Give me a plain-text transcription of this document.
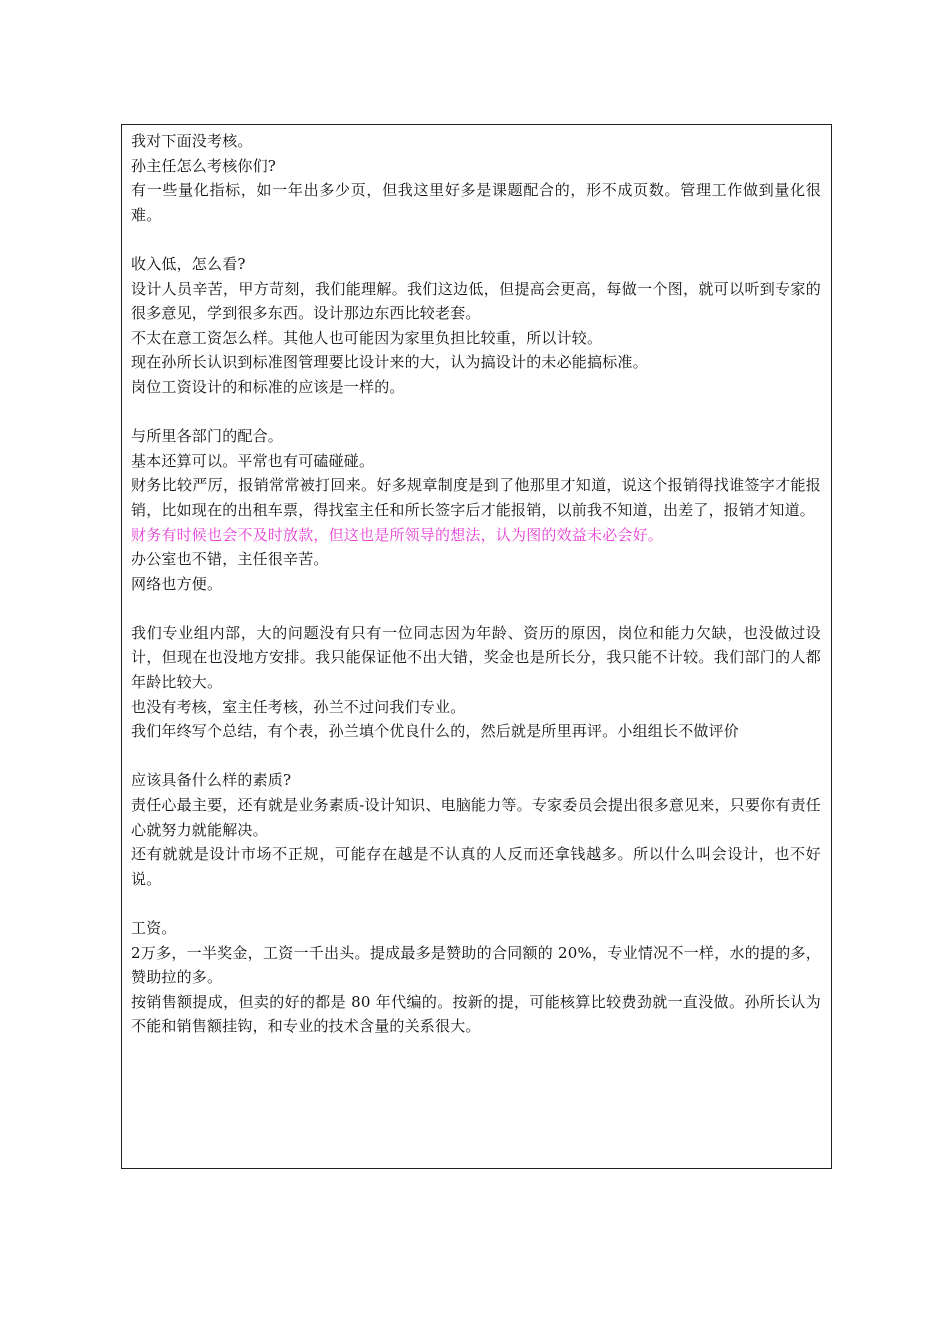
我对下面没考核。

孙主任怎么考核你们?

有一些量化指标，如一年出多少页，但我这里好多是课题配合的，形不成页数。管理工作做到量化很难。

收入低，怎么看?

设计人员辛苦，甲方苛刻，我们能理解。我们这边低，但提高会更高，每做一个图，就可以听到专家的很多意见，学到很多东西。设计那边东西比较老套。

不太在意工资怎么样。其他人也可能因为家里负担比较重，所以计较。

现在孙所长认识到标准图管理要比设计来的大，认为搞设计的未必能搞标准。

岗位工资设计的和标准的应该是一样的。

与所里各部门的配合。

基本还算可以。平常也有可磕碰碰。

财务比较严厉，报销常常被打回来。好多规章制度是到了他那里才知道，说这个报销得找谁签字才能报销，比如现在的出租车票，得找室主任和所长签字后才能报销，以前我不知道，出差了，报销才知道。

财务有时候也会不及时放款，但这也是所领导的想法，认为图的效益未必会好。

办公室也不错，主任很辛苦。

网络也方便。

我们专业组内部，大的问题没有只有一位同志因为年龄、资历的原因，岗位和能力欠缺，也没做过设计，但现在也没地方安排。我只能保证他不出大错，奖金也是所长分，我只能不计较。我们部门的人都年龄比较大。

也没有考核，室主任考核，孙兰不过问我们专业。

我们年终写个总结，有个表，孙兰填个优良什么的，然后就是所里再评。小组组长不做评价

应该具备什么样的素质?

责任心最主要，还有就是业务素质-设计知识、电脑能力等。专家委员会提出很多意见来，只要你有责任心就努力就能解决。

还有就就是设计市场不正规，可能存在越是不认真的人反而还拿钱越多。所以什么叫会设计，也不好说。

工资。

2万多，一半奖金，工资一千出头。提成最多是赞助的合同额的 20%，专业情况不一样，水的提的多，赞助拉的多。

按销售额提成，但卖的好的都是 80 年代编的。按新的提，可能核算比较费劲就一直没做。孙所长认为不能和销售额挂钩，和专业的技术含量的关系很大。
